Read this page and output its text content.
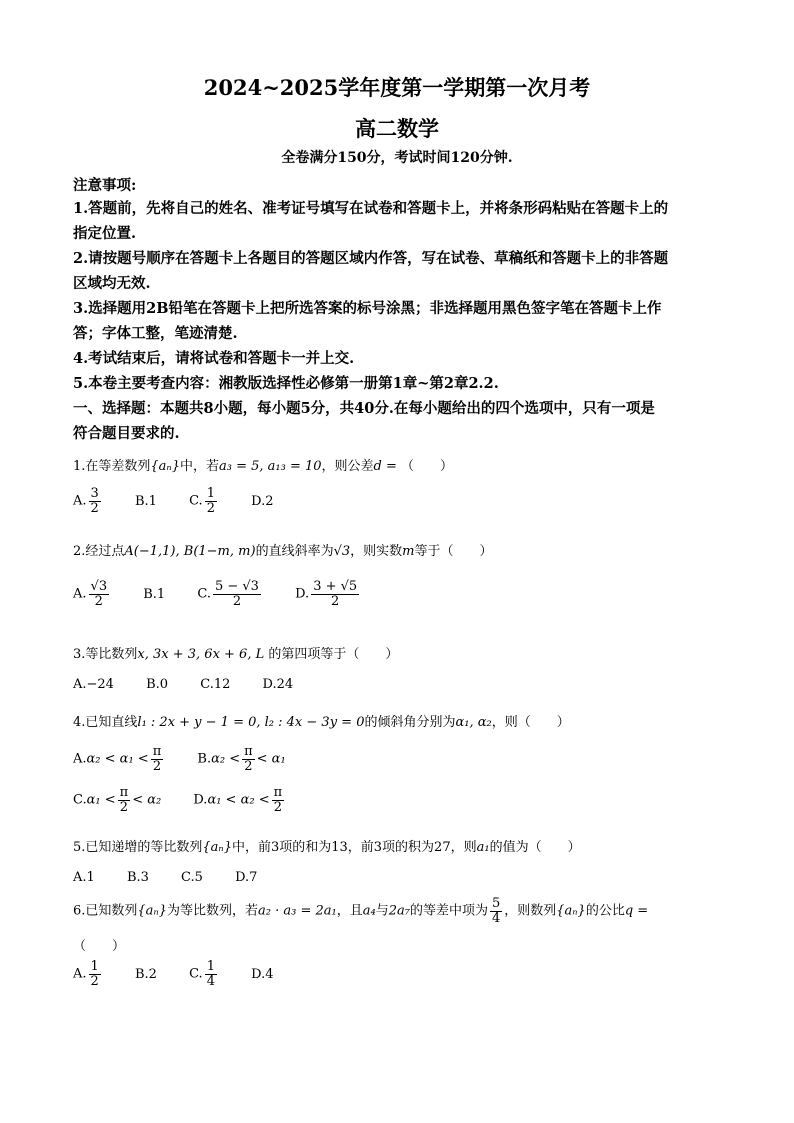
2024~2025学年度第一学期第一次月考
高二数学
全卷满分150分，考试时间120分钟.
注意事项:
1.答题前，先将自己的姓名、准考证号填写在试卷和答题卡上，并将条形码粘贴在答题卡上的
指定位置.
2.请按题号顺序在答题卡上各题目的答题区域内作答，写在试卷、草稿纸和答题卡上的非答题
区域均无效.
3.选择题用2B铅笔在答题卡上把所选答案的标号涂黑；非选择题用黑色签字笔在答题卡上作
答；字体工整，笔迹清楚.
4.考试结束后，请将试卷和答题卡一并上交.
5.本卷主要考查内容：湘教版选择性必修第一册第1章~第2章2.2.
一、选择题：本题共8小题，每小题5分，共40分.在每小题给出的四个选项中，只有一项是
符合题目要求的.
1.在等差数列{aₙ}中，若a₃ = 5, a₁₃ = 10，则公差d = （　　）
A. $\frac{3}{2}$	B.1 C. $\frac{1}{2}$	D.2
2.经过点A(−1,1), B(1−m, m)的直线斜率为√3，则实数m等于（　　）
A. $\frac{√3}{2}$	B.1 C. $\frac{5 - √3}{2}$	D. $\frac{3 + √5}{2}$
3.等比数列x, 3x + 3, 6x + 6, L 的第四项等于（　　）
A.−24 B.0 C.12 D.24
4.已知直线l₁ : 2x + y − 1 = 0, l₂ : 4x − 3y = 0的倾斜角分别为α₁, α₂，则（　　）
$A.\alpha_2 < \alpha_1 < \frac{\pi}{2}$	$B.\alpha_2 < \frac{\pi}{2} < \alpha_1$
$C.\alpha_1 < \frac{\pi}{2} < \alpha_2$ $D.\alpha_1 < \alpha_2 < \frac{\pi}{2}$
5.已知递增的等比数列{aₙ}中，前3项的和为13，前3项的积为27，则a₁的值为（　　）
A.1 B.3 C.5 D.7
6.已知数列{aₙ}为等比数列，若a₂ · a₃ = 2a₁，且a₄与2a₇的等差中项为 $\frac{5}{4}$ ，则数列{aₙ}的公比q =
（　　）
A. $\frac{1}{2}$	B.2 C. $\frac{1}{4}$	D.4
